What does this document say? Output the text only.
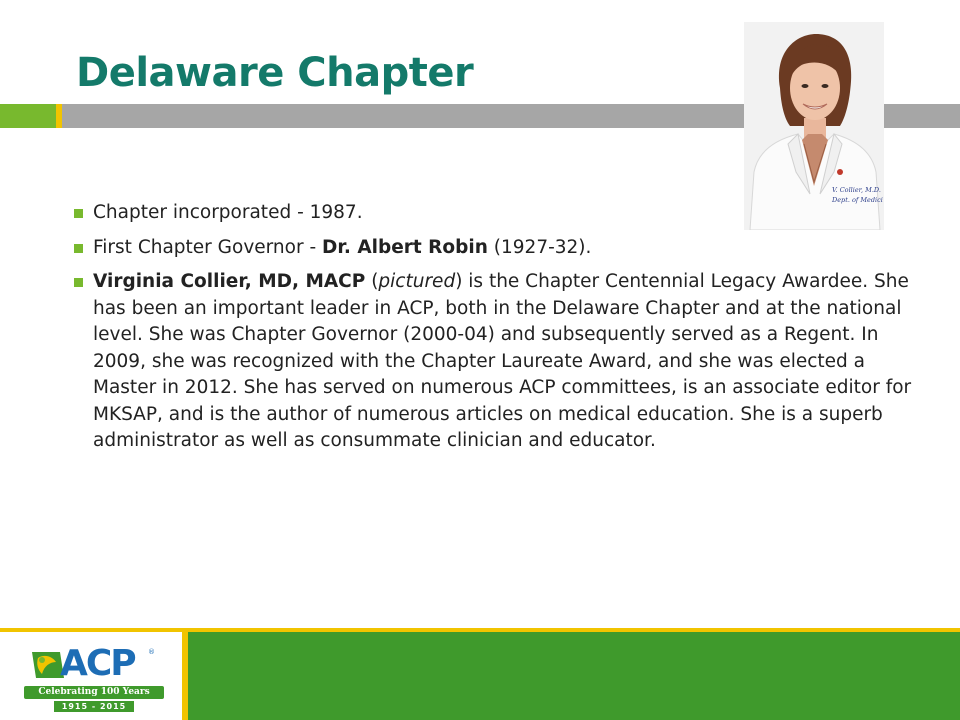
Delaware Chapter
V. Collier, M.D.
Dept. of Medici
Chapter incorporated - 1987.
First Chapter Governor - Dr. Albert Robin (1927-32).
Virginia Collier, MD, MACP (pictured) is the Chapter Centennial Legacy Awardee. She has been an important leader in ACP, both in the Delaware Chapter and at the national level. She was Chapter Governor (2000-04) and subsequently served as a Regent. In 2009, she was recognized with the Chapter Laureate Award, and she was elected a Master in 2012. She has served on numerous ACP committees, is an associate editor for MKSAP, and is the author of numerous articles on medical education. She is a superb administrator as well as consummate clinician and educator.
ACP ®
Celebrating 100 Years
1915 - 2015
